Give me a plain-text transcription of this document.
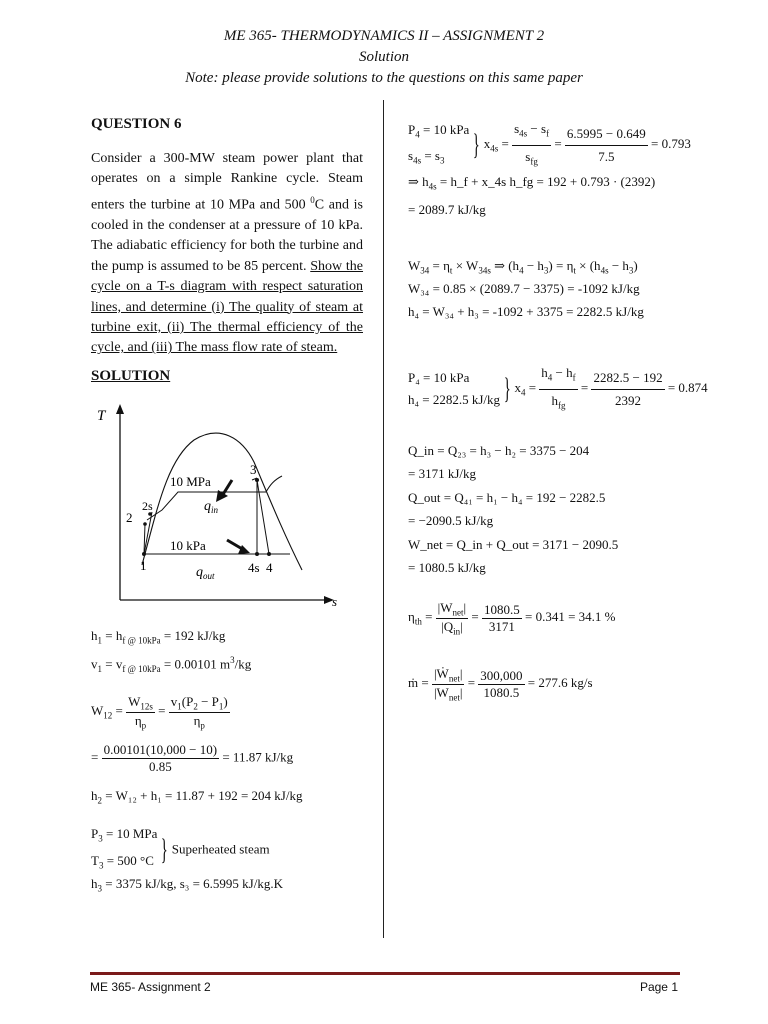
ME 365- THERMODYNAMICS II – ASSIGNMENT 2
Solution
Note: please provide solutions to the questions on this same paper
QUESTION 6
Consider a 300-MW steam power plant that operates on a simple Rankine cycle. Steam enters the turbine at 10 MPa and 500 $^0$C and is cooled in the condenser at a pressure of 10 kPa. The adiabatic efficiency for both the turbine and the pump is assumed to be 85 percent. Show the cycle on a T-s diagram with respect saturation lines, and determine (i) The quality of steam at turbine exit, (ii) The thermal efficiency of the cycle, and (iii) The mass flow rate of steam.
SOLUTION
T
s
10 MPa
10 kPa
$q_{in}$
$q_{out}$
1
2
2s
3
4s 4
$h_1 = h_{f @ 10kPa} = 192$ kJ/kg
$v_1 = v_{f @ 10kPa} = 0.00101$ $m^3/kg$
$W_{12} = \frac{W_{12s}}{\eta_p} = \frac{v_1(P_2 - P_1)}{\eta_p}$
= $\frac{0.00101(10,000 - 10)}{0.85} = 11.87$ kJ/kg
$h_2 = W_{12} + h_1 = 11.87 + 192 = 204$ kJ/kg
$P_3 = 10$ MPa
$T_3 = 500$ °C } Superheated steam
$h_3 = 3375$ kJ/kg, s₃ = 6.5995 kJ/kg.K
$P_4 = 10$ kPa
$s_{4s} = s_3$ } $x_{4s} = \frac{s_{4s} - s_f}{s_{fg}} = \frac{6.5995 - 0.649}{7.5} = 0.793$
⇒ $h_{4s}$ = h_f + x_4s h_fg = 192 + 0.793 · (2392)
= 2089.7 kJ/kg
$W_{34} = \eta_t \times W_{34s}$ ⇒ $(h_4 - h_3) = \eta_t \times (h_{4s} - h_3)$
W₃₄ = 0.85 × (2089.7 − 3375) = -1092 kJ/kg
h₄ = W₃₄ + h₃ = -1092 + 3375 = 2282.5 kJ/kg
P₄ = 10 kPa
h₄ = 2282.5 kJ/kg } $x_4 = \frac{h_4 - h_f}{h_{fg}} = \frac{2282.5 - 192}{2392} = 0.874$
Q_in = Q₂₃ = h₃ − h₂ = 3375 − 204
= 3171 kJ/kg
Q_out = Q₄₁ = h₁ − h₄ = 192 − 2282.5
= −2090.5 kJ/kg
W_net = Q_in + Q_out = 3171 − 2090.5
= 1080.5 kJ/kg
$\eta_{th} = \frac{|W_{net}|}{|Q_{in}|} = \frac{1080.5}{3171} = 0.341 = 34.1$ %
ṁ = $\frac{|Ẇ_{net}|}{|W_{net}|} = \frac{300,000}{1080.5} = 277.6$ kg/s
ME 365- Assignment 2	Page 1
